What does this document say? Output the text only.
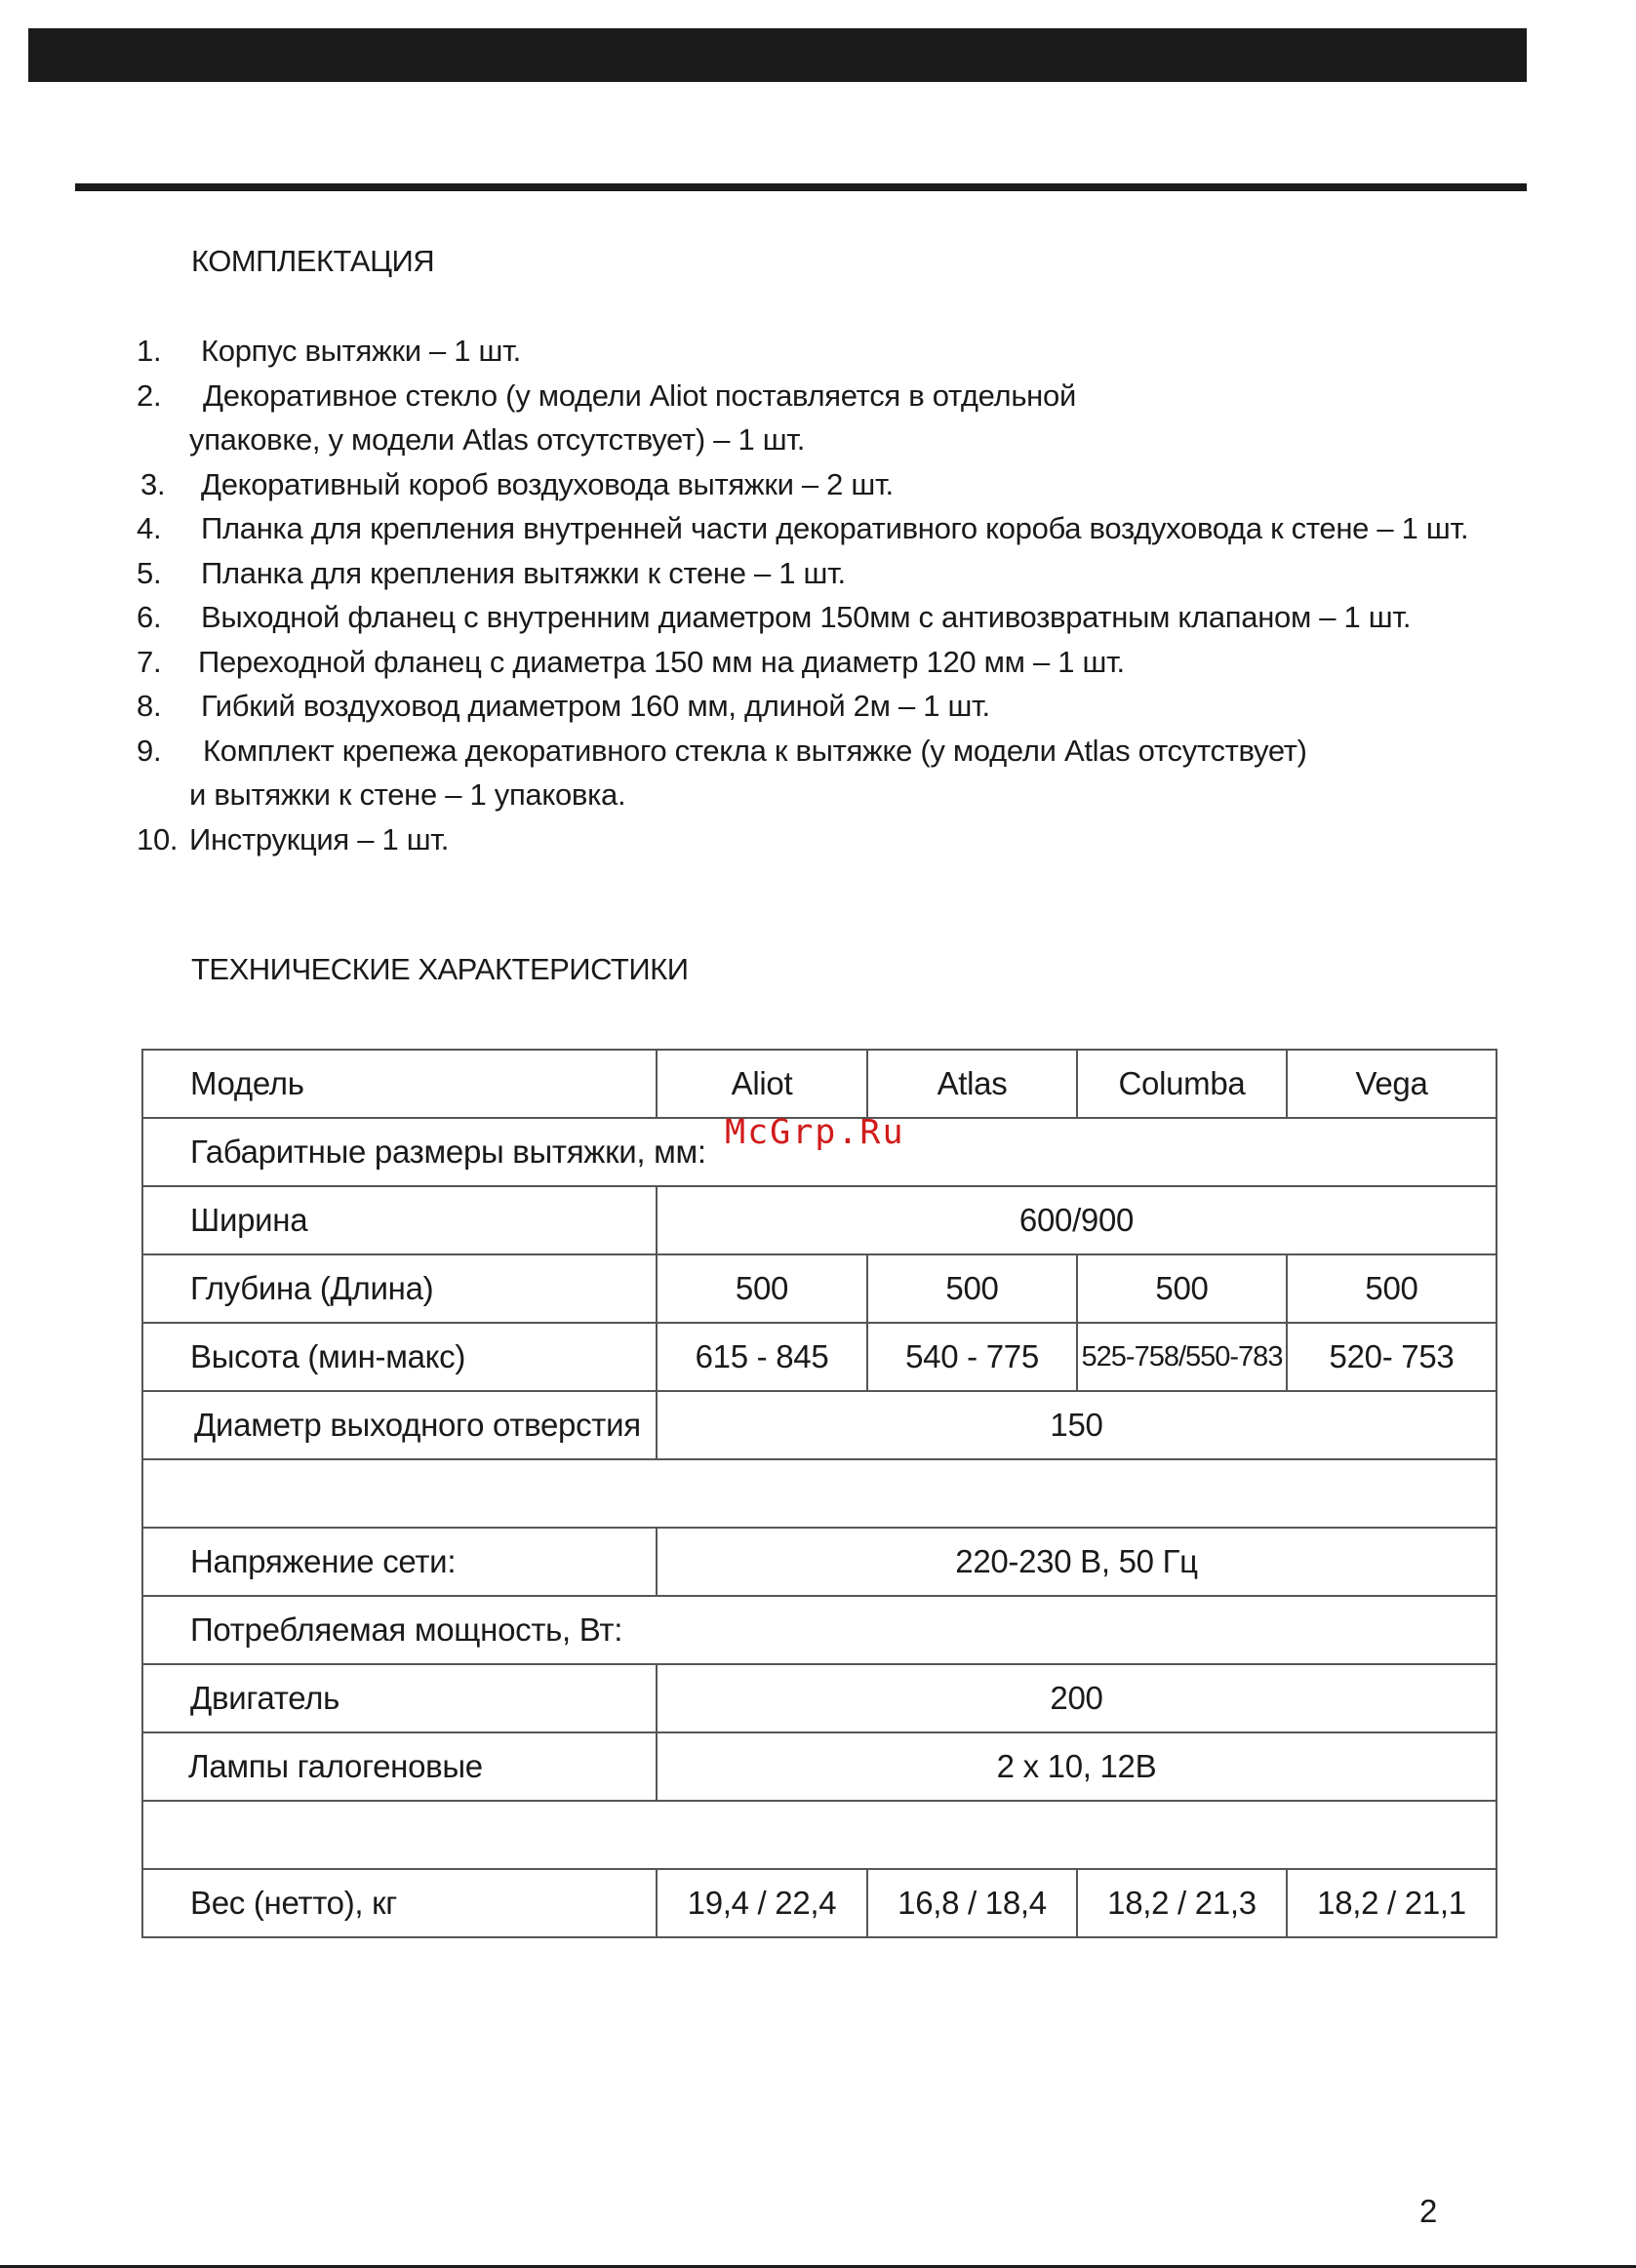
КОМПЛЕКТАЦИЯ
1.	Корпус вытяжки – 1 шт.
2.	Декоративное стекло (у модели Aliot поставляется в отдельной
упаковке, у модели Atlas отсутствует) – 1 шт.
3.	Декоративный короб воздуховода вытяжки – 2 шт.
4.	Планка для крепления внутренней части декоративного короба воздуховода к стене – 1 шт.
5.	Планка для крепления вытяжки к стене – 1 шт.
6.	Выходной фланец с внутренним диаметром 150мм с антивозвратным клапаном – 1 шт.
7.	Переходной фланец с диаметра 150 мм на диаметр 120 мм – 1 шт.
8.	Гибкий воздуховод диаметром 160 мм, длиной 2м – 1 шт.
9.	Комплект крепежа декоративного стекла к вытяжке (у модели Atlas отсутствует)
и вытяжки к стене – 1 упаковка.
10. Инструкция – 1 шт.
ТЕХНИЧЕСКИЕ ХАРАКТЕРИСТИКИ
Модель	Aliot	Atlas	Columba	Vega
Габаритные размеры вытяжки, мм:				
Ширина	600/900			
Глубина (Длина)	500	500	500	500
Высота (мин-макс)	615 - 845	540 - 775	525-758/550-783	520- 753
Диаметр выходного отверстия	150			

Напряжение сети:	220-230 В, 50 Гц			
Потребляемая мощность, Вт:				
Двигатель	200			
Лампы галогеновые	2 х 10, 12В			

Вес (нетто), кг	19,4 / 22,4	16,8 / 18,4	18,2 / 21,3	18,2 / 21,1
McGrp.Ru
2
